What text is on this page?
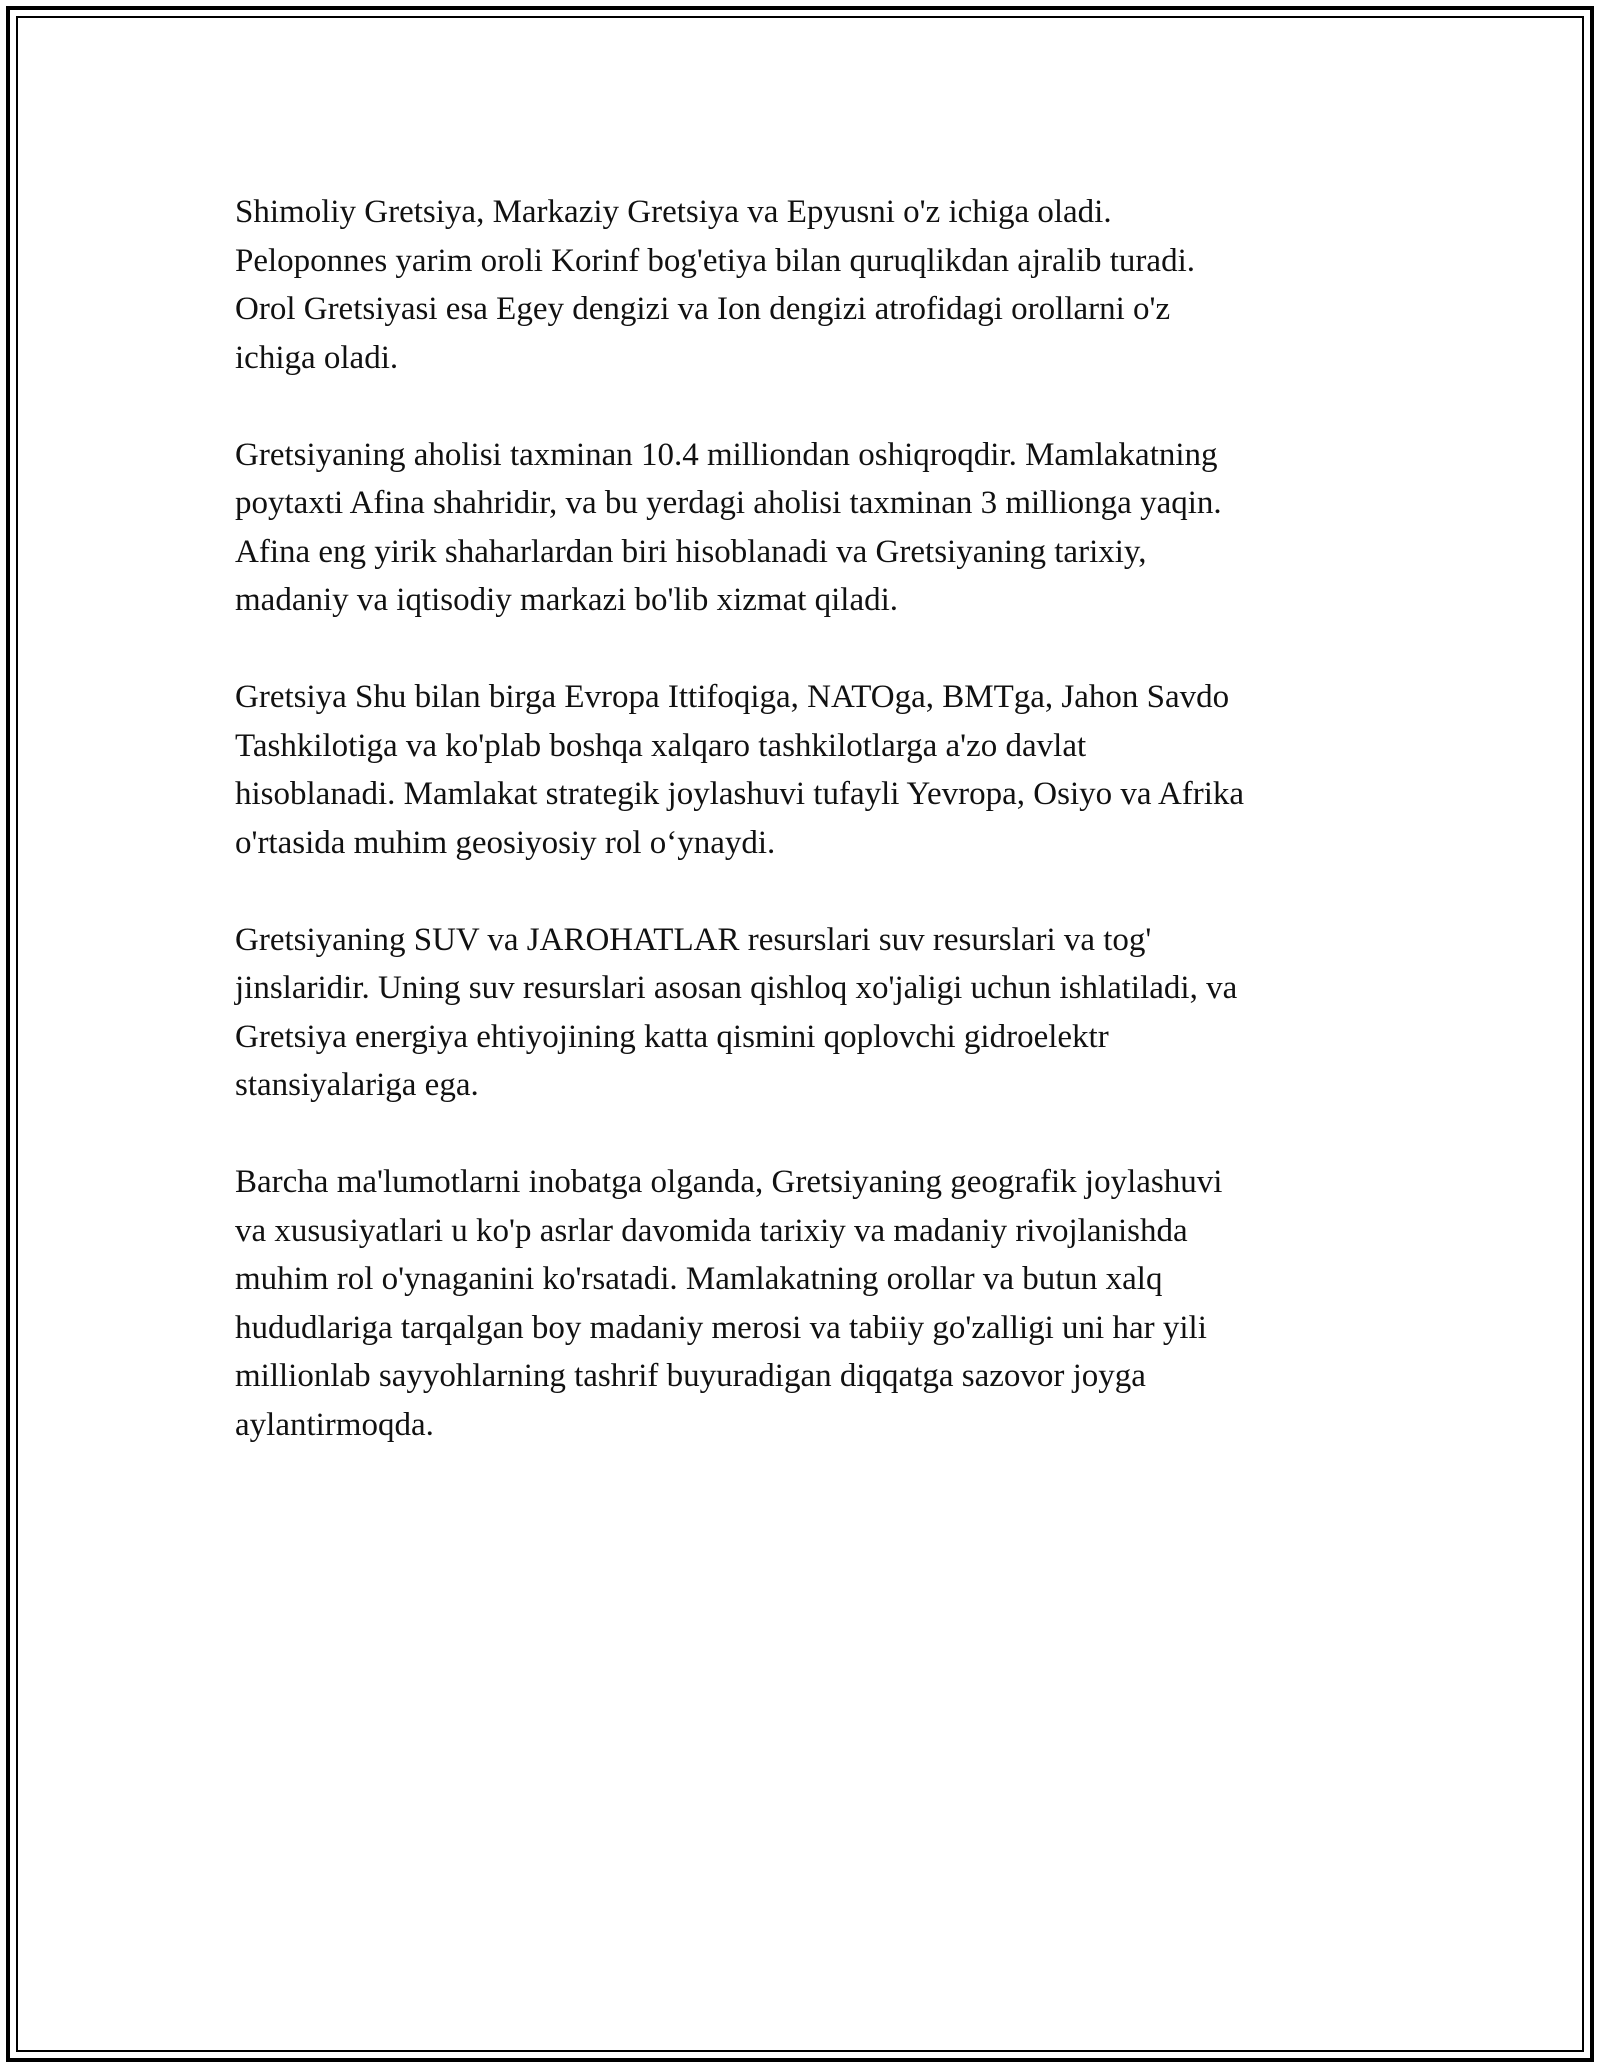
Shimoliy Gretsiya, Markaziy Gretsiya va Epyusni o'z ichiga oladi.
Peloponnes yarim oroli Korinf bog'etiya bilan quruqlikdan ajralib turadi.
Orol Gretsiyasi esa Egey dengizi va Ion dengizi atrofidagi orollarni o'z
ichiga oladi.

Gretsiyaning aholisi taxminan 10.4 milliondan oshiqroqdir. Mamlakatning
poytaxti Afina shahridir, va bu yerdagi aholisi taxminan 3 millionga yaqin.
Afina eng yirik shaharlardan biri hisoblanadi va Gretsiyaning tarixiy,
madaniy va iqtisodiy markazi bo'lib xizmat qiladi.

Gretsiya Shu bilan birga Evropa Ittifoqiga, NATOga, BMTga, Jahon Savdo
Tashkilotiga va ko'plab boshqa xalqaro tashkilotlarga a'zo davlat
hisoblanadi. Mamlakat strategik joylashuvi tufayli Yevropa, Osiyo va Afrika
o'rtasida muhim geosiyosiy rol o‘ynaydi.

Gretsiyaning SUV va JAROHATLAR resurslari suv resurslari va tog'
jinslaridir. Uning suv resurslari asosan qishloq xo'jaligi uchun ishlatiladi, va
Gretsiya energiya ehtiyojining katta qismini qoplovchi gidroelektr
stansiyalariga ega.

Barcha ma'lumotlarni inobatga olganda, Gretsiyaning geografik joylashuvi
va xususiyatlari u ko'p asrlar davomida tarixiy va madaniy rivojlanishda
muhim rol o'ynaganini ko'rsatadi. Mamlakatning orollar va butun xalq
hududlariga tarqalgan boy madaniy merosi va tabiiy go'zalligi uni har yili
millionlab sayyohlarning tashrif buyuradigan diqqatga sazovor joyga
aylantirmoqda.
